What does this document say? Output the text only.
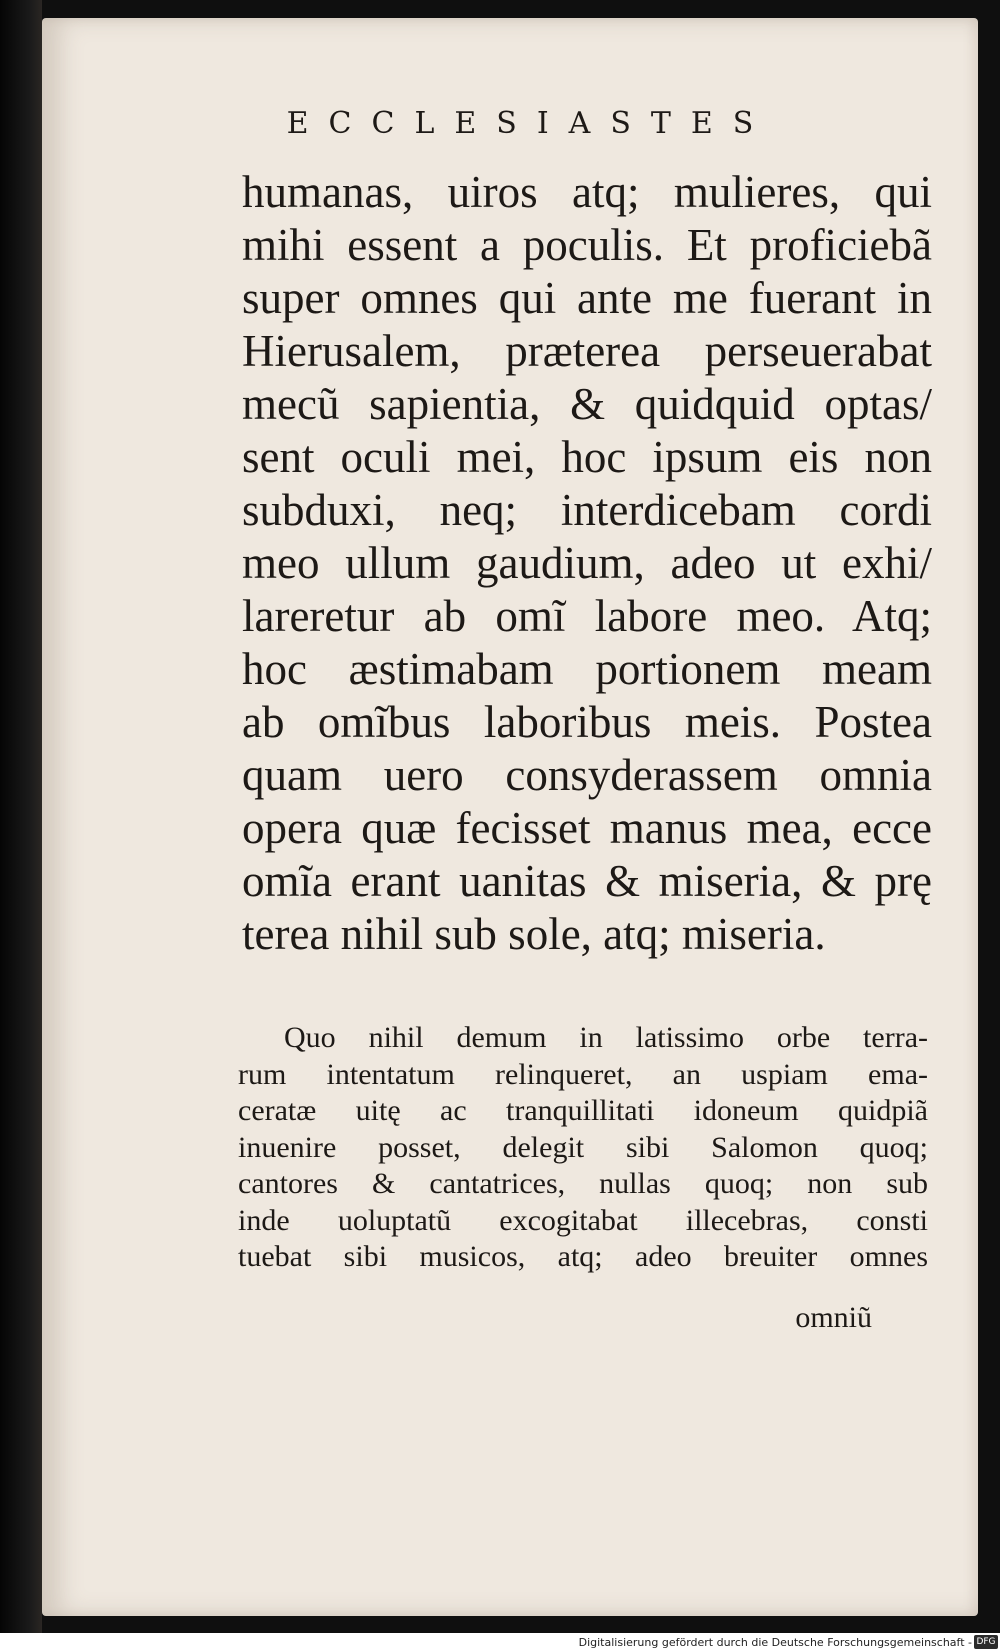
ECCLESIASTES
humanas, uiros atq; mulieres, qui
mihi essent a poculis. Et proficiebã
super omnes qui ante me fuerant in
Hierusalem, præterea perseuerabat
mecũ sapientia, & quidquid optas/
sent oculi mei, hoc ipsum eis non
subduxi, neq; interdicebam cordi
meo ullum gaudium, adeo ut exhi/
lareretur ab omĩ labore meo. Atq;
hoc æstimabam portionem meam
ab omĩbus laboribus meis. Postea
quam uero consyderassem omnia
opera quæ fecisset manus mea, ecce
omĩa erant uanitas & miseria, & prę
terea nihil sub sole, atq; miseria.
Quo nihil demum in latissimo orbe terra-
rum intentatum relinqueret, an uspiam ema-
ceratæ uitę ac tranquillitati idoneum quidpiã
inuenire posset, delegit sibi Salomon quoq;
cantores & cantatrices, nullas quoq; non sub
inde uoluptatũ excogitabat illecebras, consti
tuebat sibi musicos, atq; adeo breuiter omnes
omniũ
Digitalisierung gefördert durch die Deutsche Forschungsgemeinschaft - DFG
